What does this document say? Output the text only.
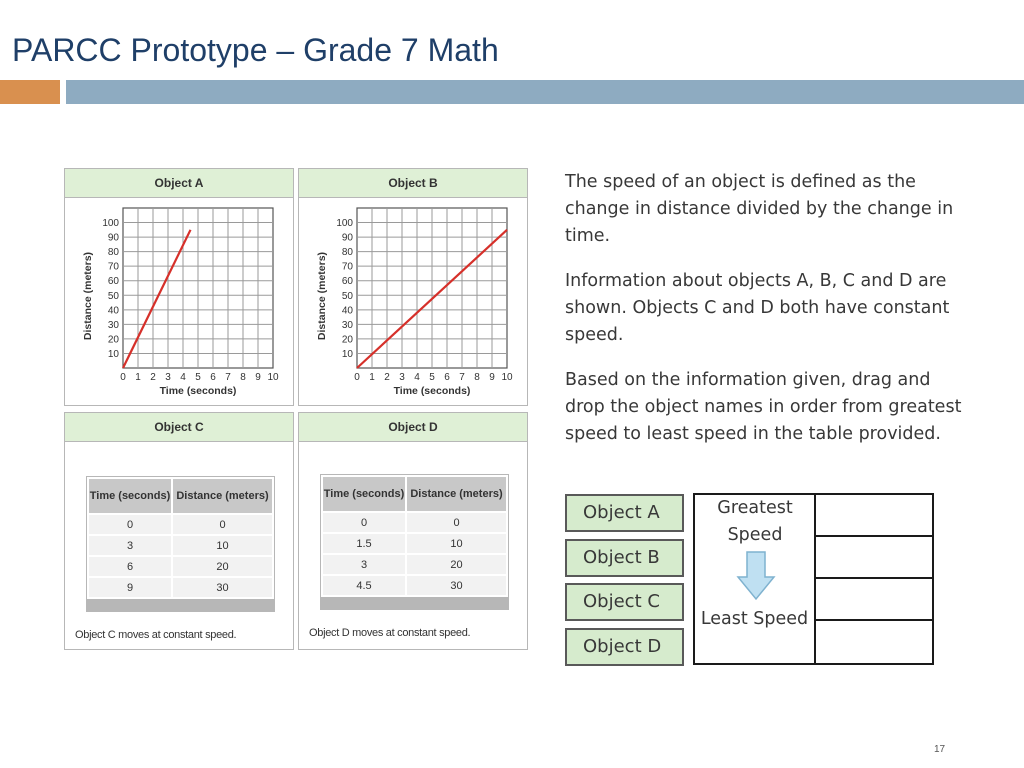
PARCC Prototype – Grade 7 Math
Object A
100
90
80
70
60
50
40
30
20
10
0 1 2 3 4 5 6 7 8 9 10
Time (seconds)
Distance (meters)
Object B
100
90
80
70
60
50
40
30
20
10
0 1 2 3 4 5 6 7 8 9 10
Time (seconds)
Distance (meters)
Object C
Time (seconds)	Distance (meters)
0	0
3	10
6	20
9	30
Object C moves at constant speed.
Object D
Time (seconds)	Distance (meters)
0	0
1.5	10
3	20
4.5	30
Object D moves at constant speed.
The speed of an object is defined as the change in distance divided by the change in time.
Information about objects A, B, C and D are shown. Objects C and D both have constant speed.
Based on the information given, drag and drop the object names in order from greatest speed to least speed in the table provided.
Object A
Object B
Object C
Object D
Greatest Speed
Least Speed
17
